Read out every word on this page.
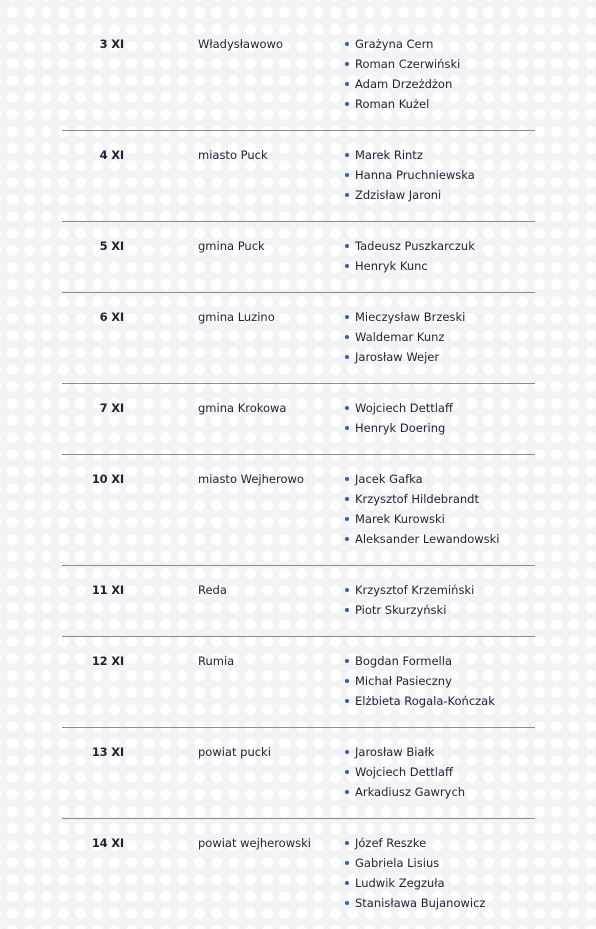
3 XI	Władysławowo	Grażyna Cern
Roman Czerwiński
Adam Drzeżdżon
Roman Kużel
4 XI	miasto Puck	Marek Rintz
Hanna Pruchniewska
Zdzisław Jaroni
5 XI	gmina Puck	Tadeusz Puszkarczuk
Henryk Kunc
6 XI	gmina Luzino	Mieczysław Brzeski
Waldemar Kunz
Jarosław Wejer
7 XI	gmina Krokowa	Wojciech Dettlaff
Henryk Doering
10 XI	miasto Wejherowo	Jacek Gafka
Krzysztof Hildebrandt
Marek Kurowski
Aleksander Lewandowski
11 XI	Reda	Krzysztof Krzemiński
Piotr Skurzyński
12 XI	Rumia	Bogdan Formella
Michał Pasieczny
Elżbieta Rogala-Kończak
13 XI	powiat pucki	Jarosław Białk
Wojciech Dettlaff
Arkadiusz Gawrych
14 XI	powiat wejherowski	Józef Reszke
Gabriela Lisius
Ludwik Zegzuła
Stanisława Bujanowicz
